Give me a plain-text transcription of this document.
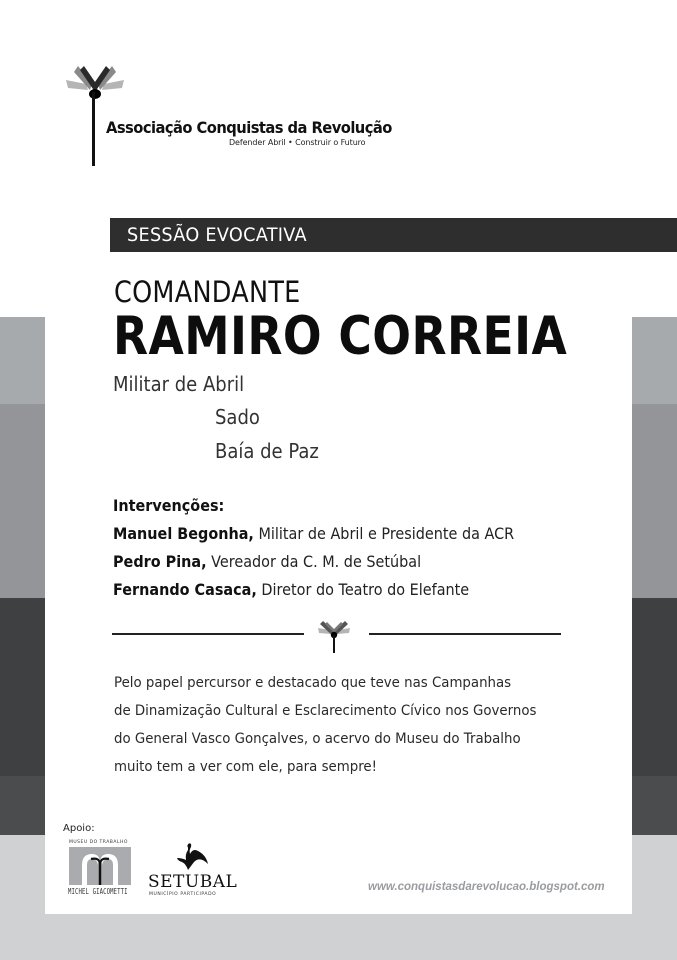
Associação Conquistas da Revolução
Defender Abril • Construir o Futuro
SESSÃO EVOCATIVA
COMANDANTE
RAMIRO CORREIA
Militar de Abril
Sado
Baía de Paz
Intervenções:
Manuel Begonha, Militar de Abril e Presidente da ACR
Pedro Pina, Vereador da C. M. de Setúbal
Fernando Casaca, Diretor do Teatro do Elefante
Pelo papel percursor e destacado que teve nas Campanhas
de Dinamização Cultural e Esclarecimento Cívico nos Governos
do General Vasco Gonçalves, o acervo do Museu do Trabalho
muito tem a ver com ele, para sempre!
Apoio:
MUSEU DO TRABALHO
MICHEL GIACOMETTI SETUBAL
MUNICÍPIO PARTICIPADO
www.conquistasdarevolucao.blogspot.com
